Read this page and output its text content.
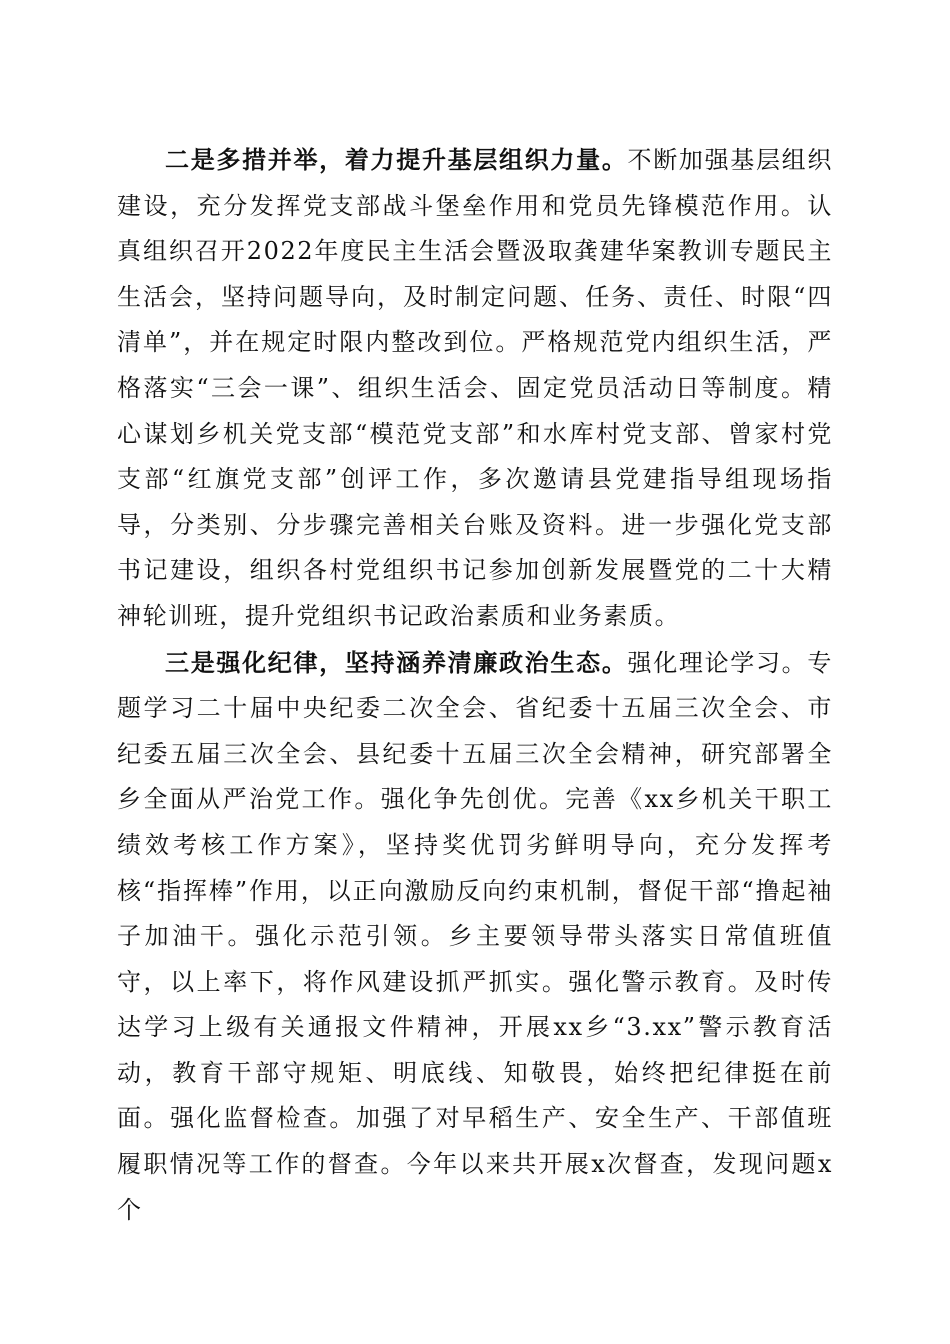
二是多措并举，着力提升基层组织力量。不断加强基层组织建设，充分发挥党支部战斗堡垒作用和党员先锋模范作用。认真组织召开2022年度民主生活会暨汲取龚建华案教训专题民主生活会，坚持问题导向，及时制定问题、任务、责任、时限“四清单”，并在规定时限内整改到位。严格规范党内组织生活，严格落实“三会一课”、组织生活会、固定党员活动日等制度。精心谋划乡机关党支部“模范党支部”和水库村党支部、曾家村党支部“红旗党支部”创评工作，多次邀请县党建指导组现场指导，分类别、分步骤完善相关台账及资料。进一步强化党支部书记建设，组织各村党组织书记参加创新发展暨党的二十大精神轮训班，提升党组织书记政治素质和业务素质。

三是强化纪律，坚持涵养清廉政治生态。强化理论学习。专题学习二十届中央纪委二次全会、省纪委十五届三次全会、市纪委五届三次全会、县纪委十五届三次全会精神，研究部署全乡全面从严治党工作。强化争先创优。完善《xx乡机关干职工绩效考核工作方案》，坚持奖优罚劣鲜明导向，充分发挥考核“指挥棒”作用，以正向激励反向约束机制，督促干部“撸起袖子加油干。强化示范引领。乡主要领导带头落实日常值班值守，以上率下，将作风建设抓严抓实。强化警示教育。及时传达学习上级有关通报文件精神，开展xx乡“3.xx”警示教育活动，教育干部守规矩、明底线、知敬畏，始终把纪律挺在前面。强化监督检查。加强了对早稻生产、安全生产、干部值班履职情况等工作的督查。今年以来共开展x次督查，发现问题x个
